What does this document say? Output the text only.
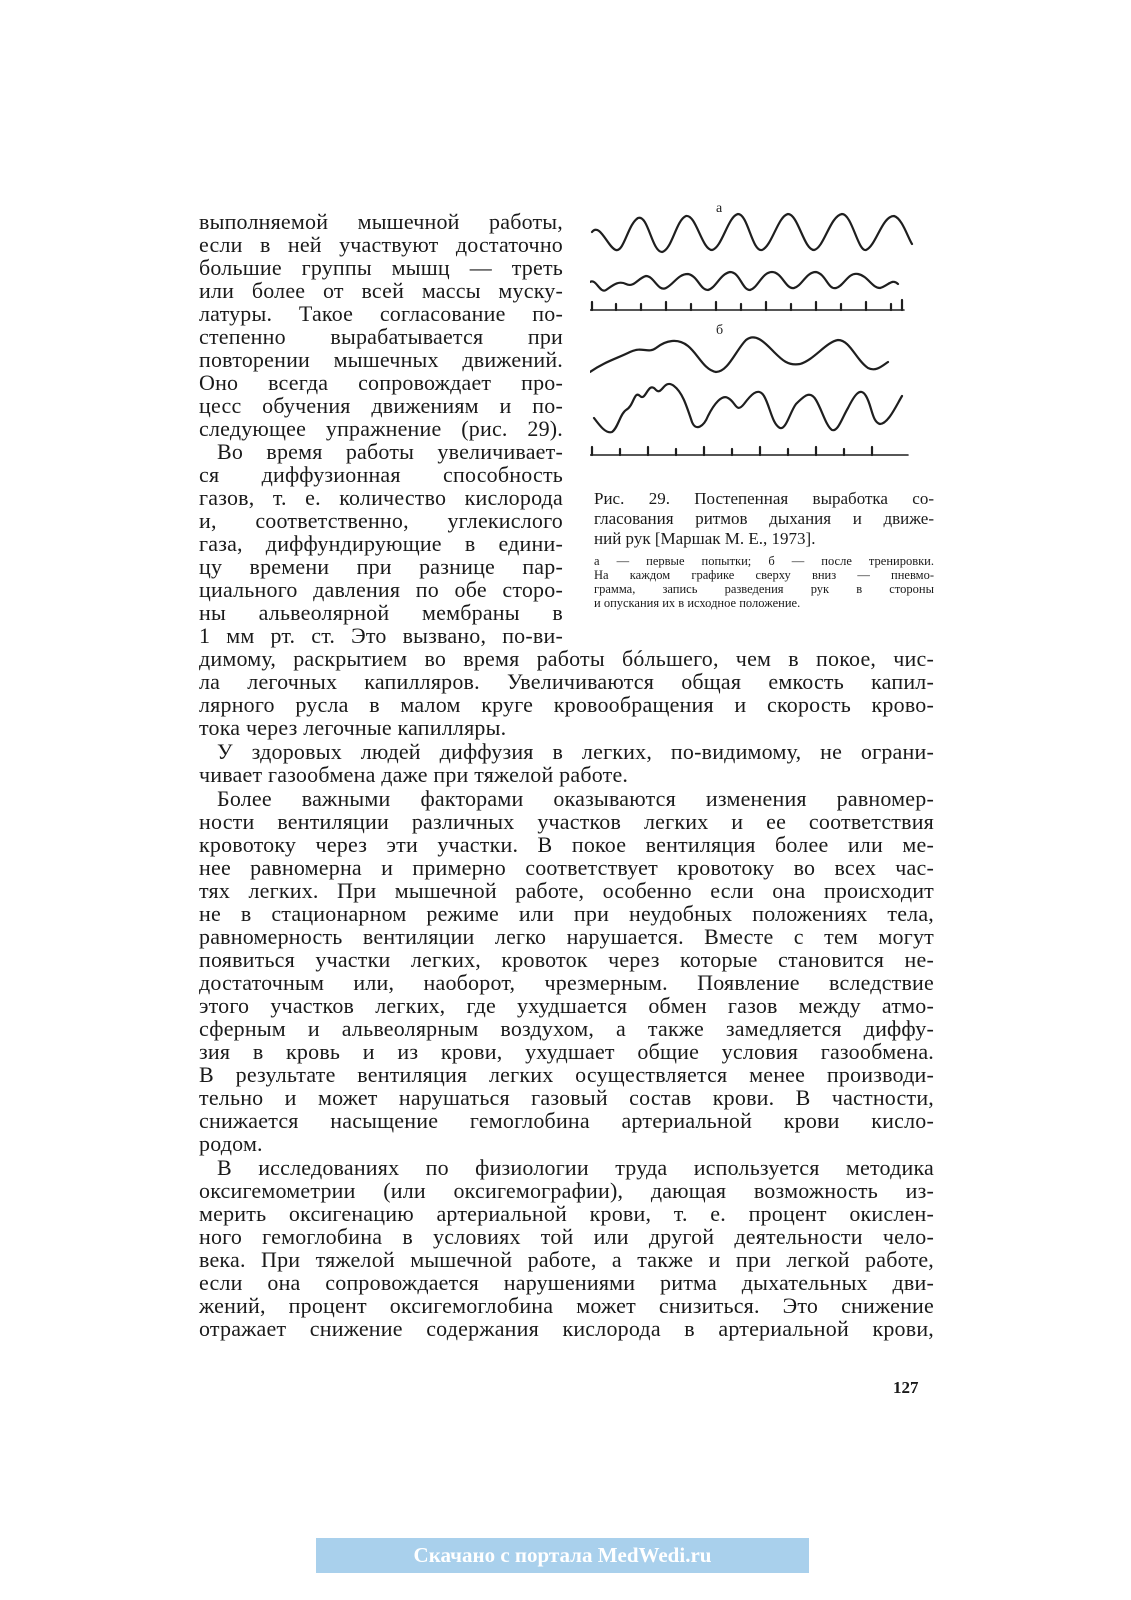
а
б

Рис. 29. Постепенная выработка со-

гласования ритмов дыхания и движе-

ний рук [Маршак М. Е., 1973].

а — первые попытки; б — после тренировки.

На каждом графике сверху вниз — пневмо-

грамма, запись разведения рук в стороны

и опускания их в исходное положение.

выполняемой мышечной работы,

если в ней участвуют достаточно

большие группы мышц — треть

или более от всей массы муску-

латуры. Такое согласование по-

степенно вырабатывается при

повторении мышечных движений.

Оно всегда сопровождает про-

цесс обучения движениям и по-

следующее упражнение (рис. 29).

Во время работы увеличивает-

ся диффузионная способность

газов, т. е. количество кислорода

и, соответственно, углекислого

газа, диффундирующие в едини-

цу времени при разнице пар-

циального давления по обе сторо-

ны альвеолярной мембраны в

1 мм рт. ст. Это вызвано, по-ви-

димому, раскрытием во время работы бóльшего, чем в покое, чис-

ла легочных капилляров. Увеличиваются общая емкость капил-

лярного русла в малом круге кровообращения и скорость крово-

тока через легочные капилляры.

У здоровых людей диффузия в легких, по-видимому, не ограни-

чивает газообмена даже при тяжелой работе.

Более важными факторами оказываются изменения равномер-

ности вентиляции различных участков легких и ее соответствия

кровотоку через эти участки. В покое вентиляция более или ме-

нее равномерна и примерно соответствует кровотоку во всех час-

тях легких. При мышечной работе, особенно если она происходит

не в стационарном режиме или при неудобных положениях тела,

равномерность вентиляции легко нарушается. Вместе с тем могут

появиться участки легких, кровоток через которые становится не-

достаточным или, наоборот, чрезмерным. Появление вследствие

этого участков легких, где ухудшается обмен газов между атмо-

сферным и альвеолярным воздухом, а также замедляется диффу-

зия в кровь и из крови, ухудшает общие условия газообмена.

В результате вентиляция легких осуществляется менее производи-

тельно и может нарушаться газовый состав крови. В частности,

снижается насыщение гемоглобина артериальной крови кисло-

родом.

В исследованиях по физиологии труда используется методика

оксигемометрии (или оксигемографии), дающая возможность из-

мерить оксигенацию артериальной крови, т. е. процент окислен-

ного гемоглобина в условиях той или другой деятельности чело-

века. При тяжелой мышечной работе, а также и при легкой работе,

если она сопровождается нарушениями ритма дыхательных дви-

жений, процент оксигемоглобина может снизиться. Это снижение

отражает снижение содержания кислорода в артериальной крови,

127
Скачано с портала MedWedi.ru
